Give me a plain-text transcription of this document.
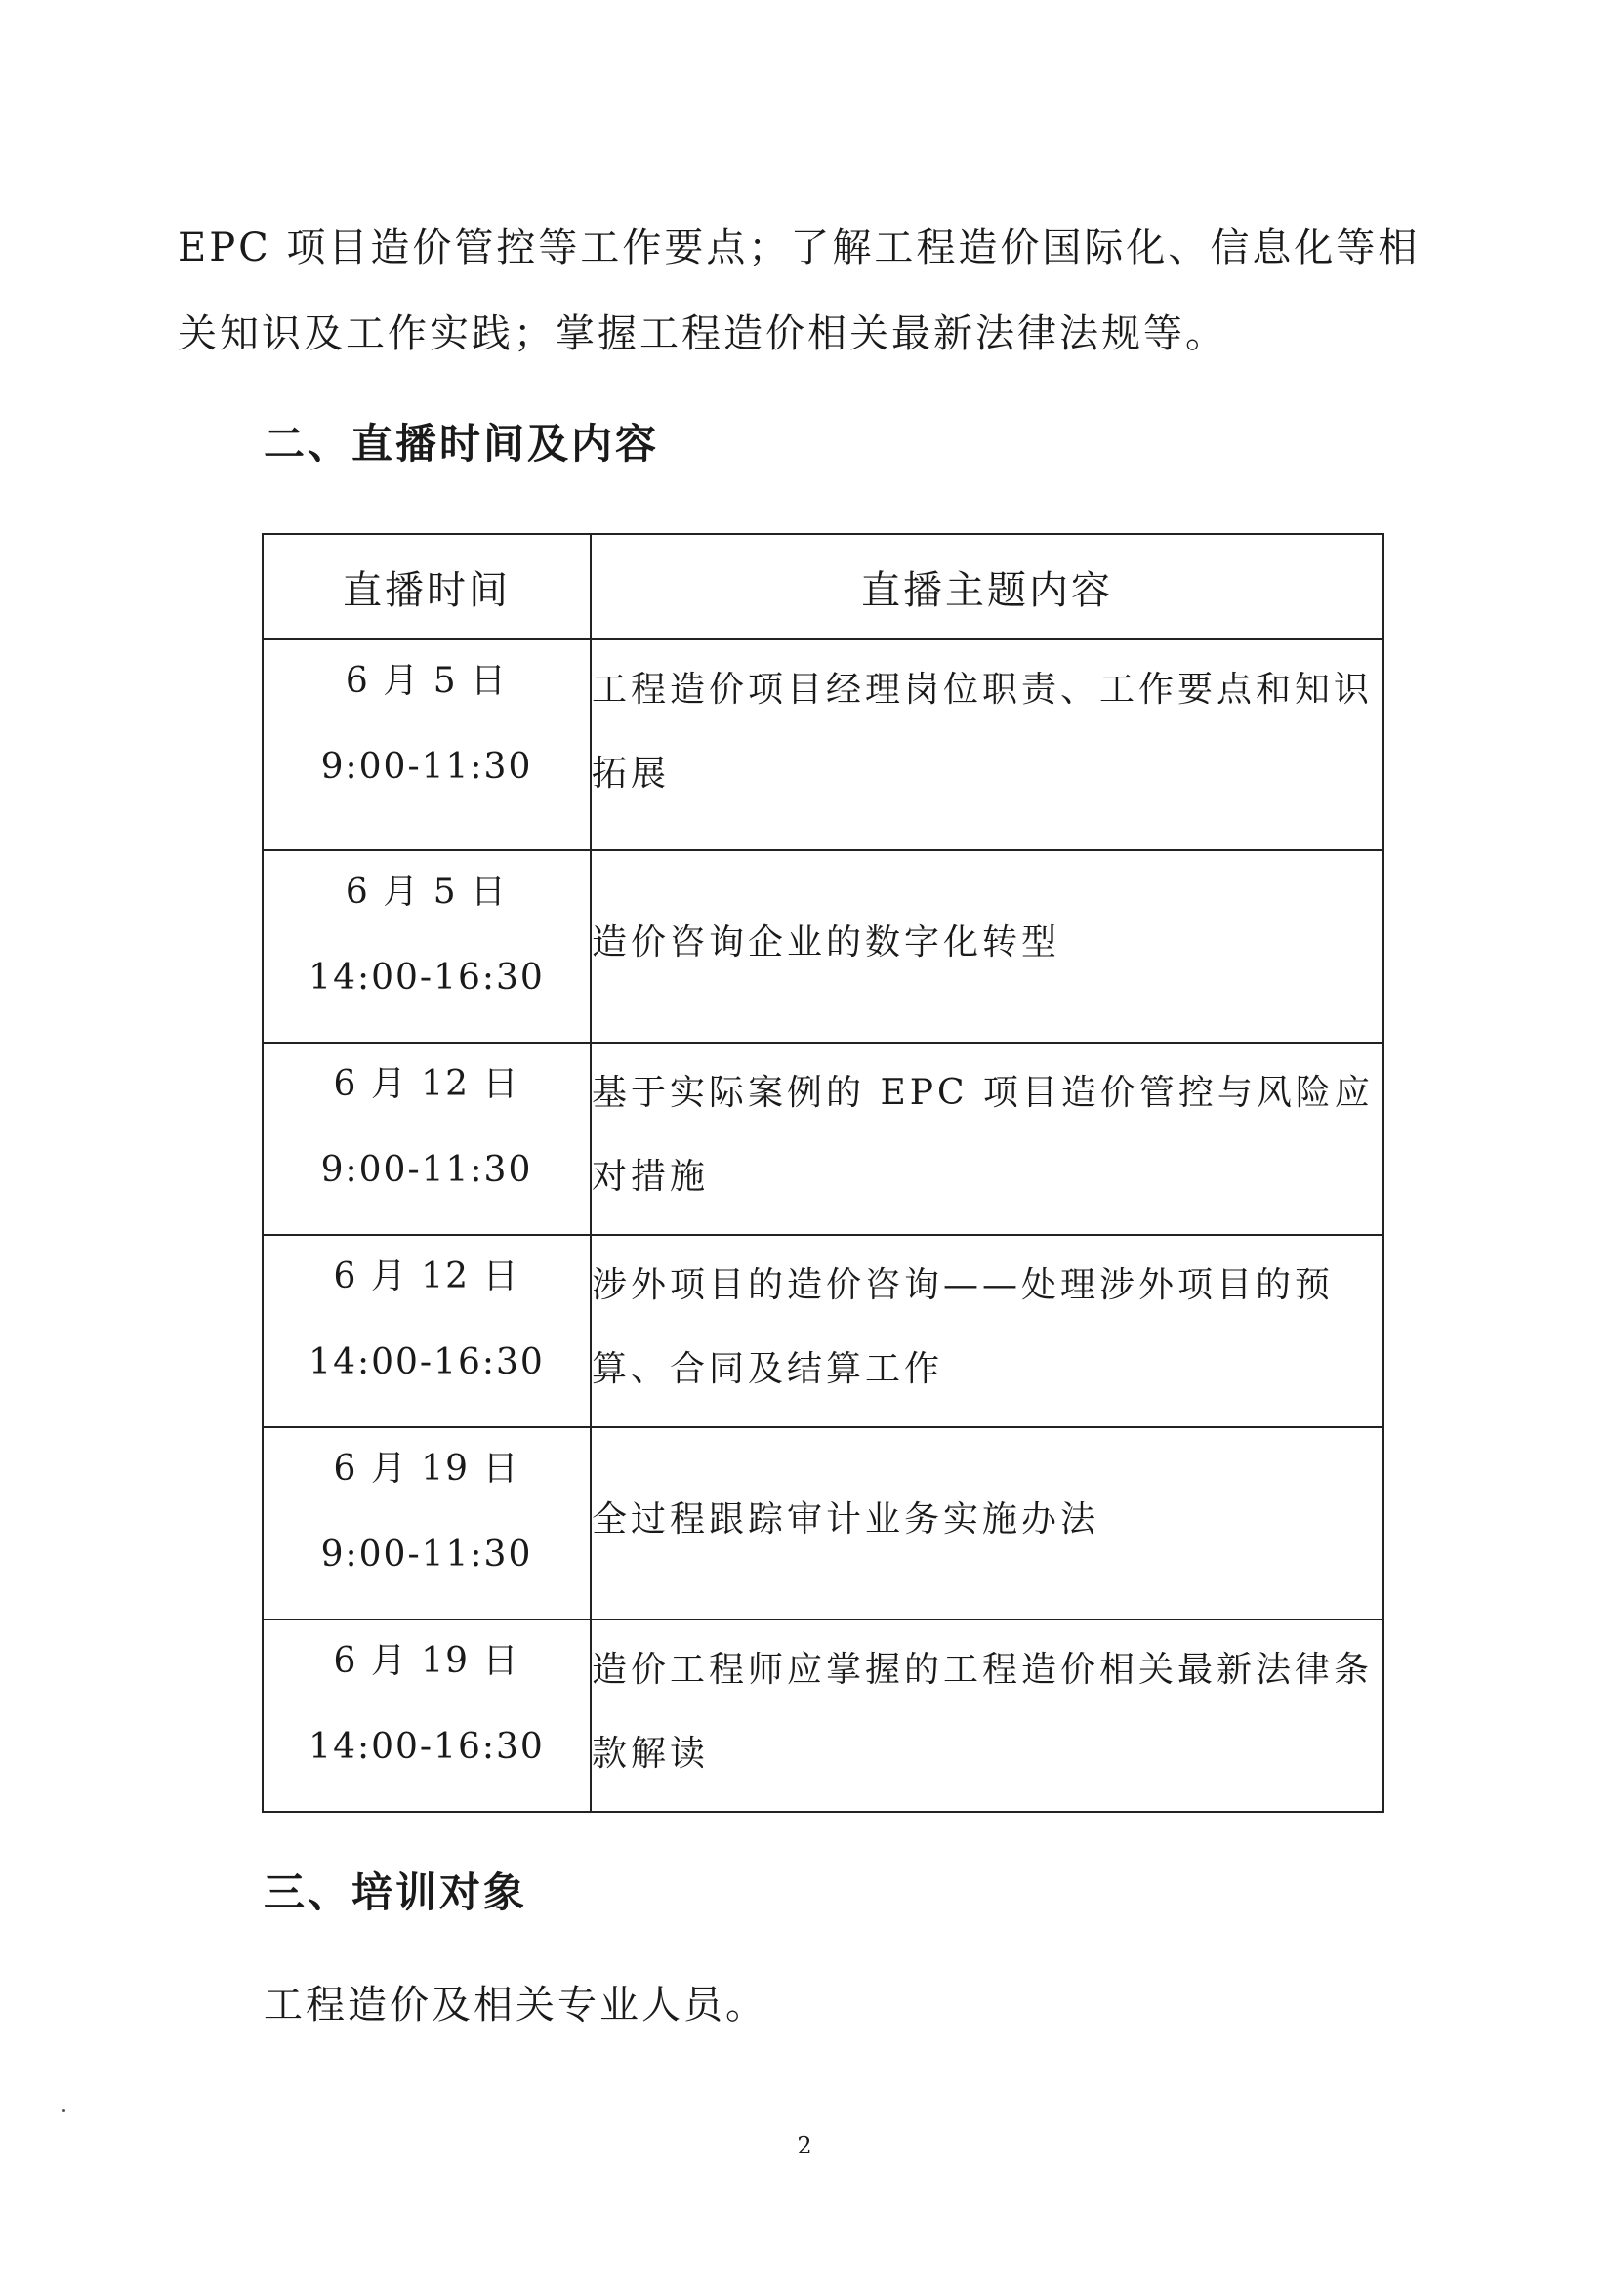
EPC 项目造价管控等工作要点；了解工程造价国际化、信息化等相
关知识及工作实践；掌握工程造价相关最新法律法规等。

二、直播时间及内容
直播时间	直播主题内容

6 月 5 日
9:00-11:30	工程造价项目经理岗位职责、工作要点和知识拓展

6 月 5 日
14:00-16:30	造价咨询企业的数字化转型

6 月 12 日
9:00-11:30	基于实际案例的 EPC 项目造价管控与风险应对措施

6 月 12 日
14:00-16:30	涉外项目的造价咨询——处理涉外项目的预算、合同及结算工作

6 月 19 日
9:00-11:30	全过程跟踪审计业务实施办法

6 月 19 日
14:00-16:30	造价工程师应掌握的工程造价相关最新法律条款解读
三、培训对象

工程造价及相关专业人员。

2
